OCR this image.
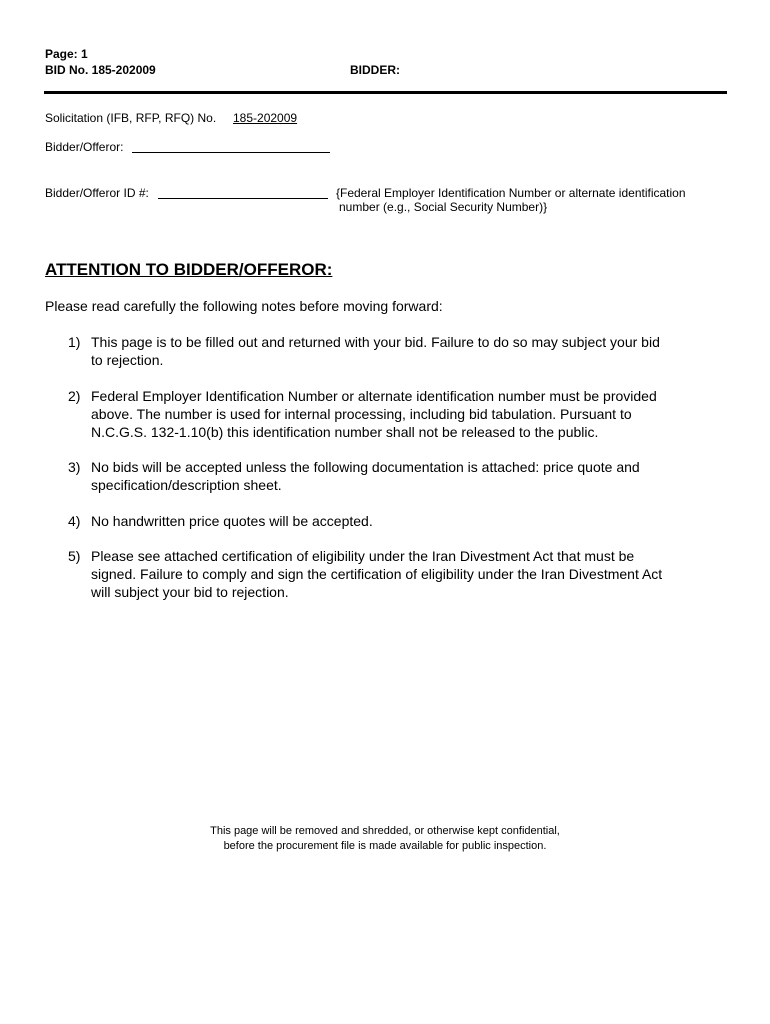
Page: 1
BID No. 185-202009	BIDDER:
Solicitation (IFB, RFP, RFQ) No. 185-202009
Bidder/Offeror:
Bidder/Offeror ID #:	{Federal Employer Identification Number or alternate identification
number (e.g., Social Security Number)}
ATTENTION TO BIDDER/OFFEROR:
Please read carefully the following notes before moving forward:
1) This page is to be filled out and returned with your bid. Failure to do so may subject your bid
to rejection.
2) Federal Employer Identification Number or alternate identification number must be provided
above. The number is used for internal processing, including bid tabulation. Pursuant to
N.C.G.S. 132-1.10(b) this identification number shall not be released to the public.
3) No bids will be accepted unless the following documentation is attached: price quote and
specification/description sheet.
4) No handwritten price quotes will be accepted.
5) Please see attached certification of eligibility under the Iran Divestment Act that must be
signed. Failure to comply and sign the certification of eligibility under the Iran Divestment Act
will subject your bid to rejection.
This page will be removed and shredded, or otherwise kept confidential,
before the procurement file is made available for public inspection.
